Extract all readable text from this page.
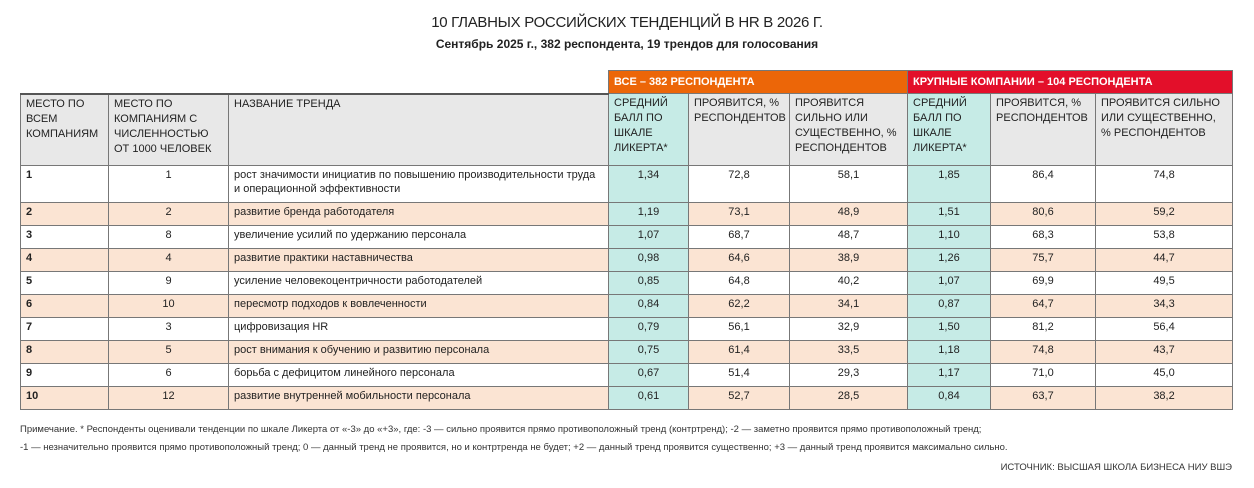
10 ГЛАВНЫХ РОССИЙСКИХ ТЕНДЕНЦИЙ В HR В 2026 Г.
Сентябрь 2025 г., 382 респондента, 19 трендов для голосования
			ВСЕ – 382 РЕСПОНДЕНТА			КРУПНЫЕ КОМПАНИИ – 104 РЕСПОНДЕНТА		
МЕСТО ПО ВСЕМ КОМПАНИЯМ	МЕСТО ПО КОМПАНИЯМ С ЧИСЛЕННОСТЬЮ ОТ 1000 ЧЕЛОВЕК	НАЗВАНИЕ ТРЕНДА	СРЕДНИЙ БАЛЛ ПО ШКАЛЕ ЛИКЕРТА*	ПРОЯВИТСЯ, % РЕСПОНДЕНТОВ	ПРОЯВИТСЯ СИЛЬНО ИЛИ СУЩЕСТВЕННО, % РЕСПОНДЕНТОВ	СРЕДНИЙ БАЛЛ ПО ШКАЛЕ ЛИКЕРТА*	ПРОЯВИТСЯ, % РЕСПОНДЕНТОВ	ПРОЯВИТСЯ СИЛЬНО ИЛИ СУЩЕСТВЕННО, % РЕСПОНДЕНТОВ
1	1	рост значимости инициатив по повышению производительности труда и операционной эффективности	1,34	72,8	58,1	1,85	86,4	74,8
2	2	развитие бренда работодателя	1,19	73,1	48,9	1,51	80,6	59,2
3	8	увеличение усилий по удержанию персонала	1,07	68,7	48,7	1,10	68,3	53,8
4	4	развитие практики наставничества	0,98	64,6	38,9	1,26	75,7	44,7
5	9	усиление человекоцентричности работодателей	0,85	64,8	40,2	1,07	69,9	49,5
6	10	пересмотр подходов к вовлеченности	0,84	62,2	34,1	0,87	64,7	34,3
7	3	цифровизация HR	0,79	56,1	32,9	1,50	81,2	56,4
8	5	рост внимания к обучению и развитию персонала	0,75	61,4	33,5	1,18	74,8	43,7
9	6	борьба с дефицитом линейного персонала	0,67	51,4	29,3	1,17	71,0	45,0
10	12	развитие внутренней мобильности персонала	0,61	52,7	28,5	0,84	63,7	38,2
Примечание. * Респонденты оценивали тенденции по шкале Ликерта от «-3» до «+3», где: -3 — сильно проявится прямо противоположный тренд (контртренд); -2 — заметно проявится прямо противоположный тренд;
-1 — незначительно проявится прямо противоположный тренд; 0 — данный тренд не проявится, но и контртренда не будет; +2 — данный тренд проявится существенно; +3 — данный тренд проявится максимально сильно.
ИСТОЧНИК: ВЫСШАЯ ШКОЛА БИЗНЕСА НИУ ВШЭ
